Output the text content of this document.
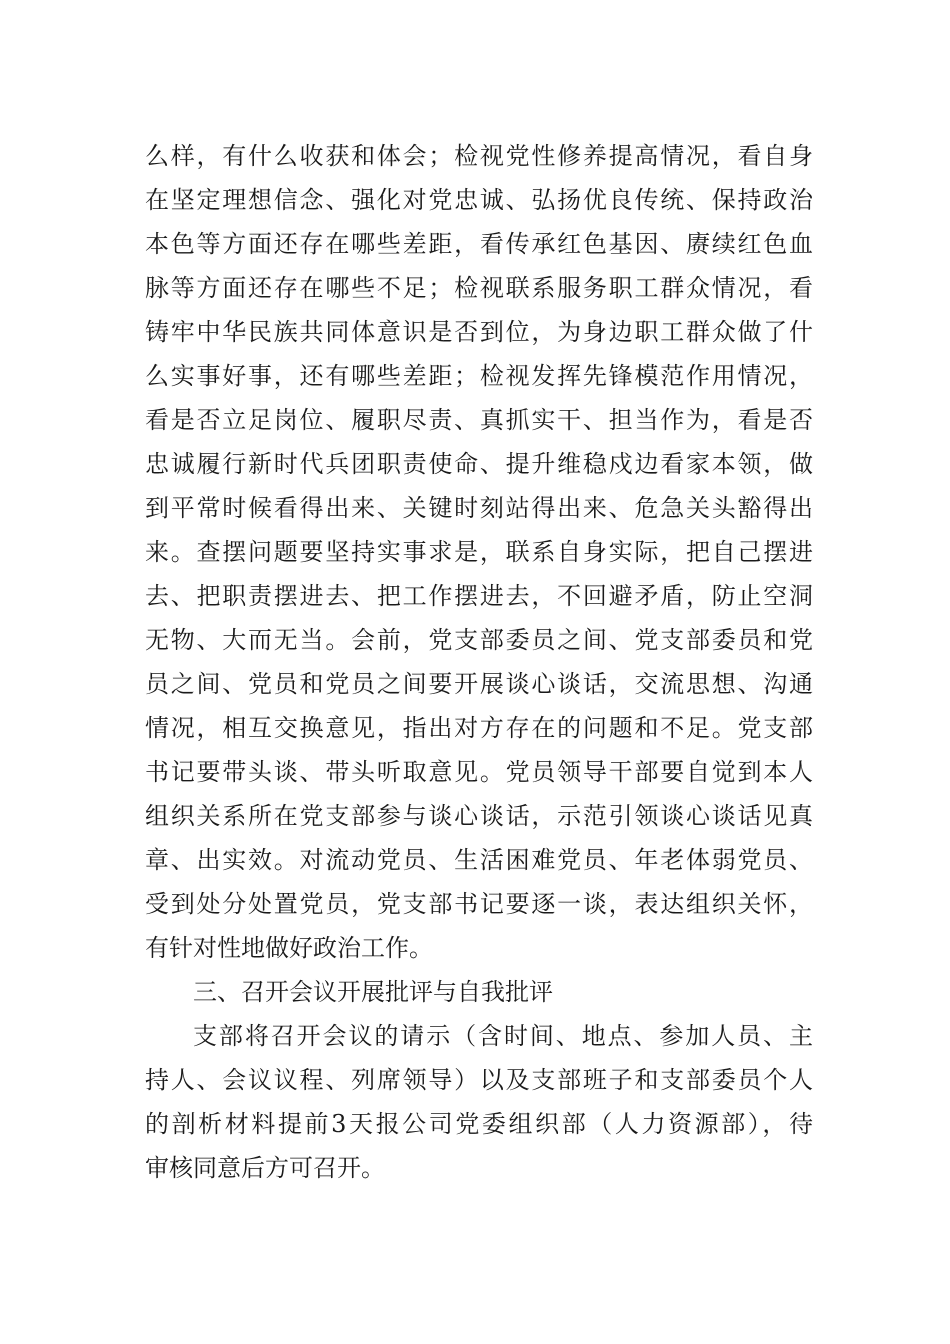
么样，有什么收获和体会；检视党性修养提高情况，看自身
在坚定理想信念、强化对党忠诚、弘扬优良传统、保持政治
本色等方面还存在哪些差距，看传承红色基因、赓续红色血
脉等方面还存在哪些不足；检视联系服务职工群众情况，看
铸牢中华民族共同体意识是否到位，为身边职工群众做了什
么实事好事，还有哪些差距；检视发挥先锋模范作用情况，
看是否立足岗位、履职尽责、真抓实干、担当作为，看是否
忠诚履行新时代兵团职责使命、提升维稳戍边看家本领，做
到平常时候看得出来、关键时刻站得出来、危急关头豁得出
来。查摆问题要坚持实事求是，联系自身实际，把自己摆进
去、把职责摆进去、把工作摆进去，不回避矛盾，防止空洞
无物、大而无当。会前，党支部委员之间、党支部委员和党
员之间、党员和党员之间要开展谈心谈话，交流思想、沟通
情况，相互交换意见，指出对方存在的问题和不足。党支部
书记要带头谈、带头听取意见。党员领导干部要自觉到本人
组织关系所在党支部参与谈心谈话，示范引领谈心谈话见真
章、出实效。对流动党员、生活困难党员、年老体弱党员、
受到处分处置党员，党支部书记要逐一谈，表达组织关怀，
有针对性地做好政治工作。
三、召开会议开展批评与自我批评
支部将召开会议的请示（含时间、地点、参加人员、主
持人、会议议程、列席领导）以及支部班子和支部委员个人
的剖析材料提前3天报公司党委组织部（人力资源部），待
审核同意后方可召开。
